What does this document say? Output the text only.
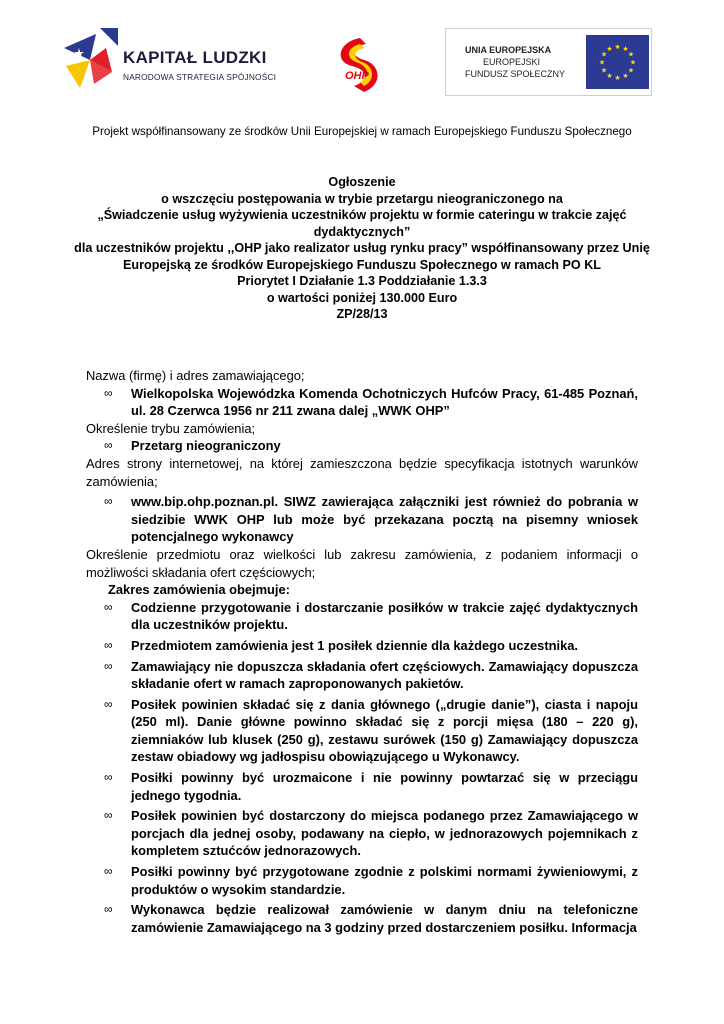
KAPITAŁ LUDZKI
NARODOWA STRATEGIA SPÓJNOŚCI	OHP
UNIA EUROPEJSKA
EUROPEJSKI
FUNDUSZ SPOŁECZNY
★ ★
★
★
★
★
★
★
★
★
★
★
Projekt współfinansowany ze środków Unii Europejskiej w ramach Europejskiego Funduszu Społecznego
Ogłoszenie
o wszczęciu postępowania w trybie przetargu nieograniczonego na
„Świadczenie usług wyżywienia uczestników projektu w formie cateringu w trakcie zajęć dydaktycznych”
dla uczestników projektu ,,OHP jako realizator usług rynku pracy” współfinansowany przez Unię Europejską ze środków Europejskiego Funduszu Społecznego w ramach PO KL
Priorytet I Działanie 1.3 Poddziałanie 1.3.3
o wartości poniżej 130.000 Euro
ZP/28/13

Nazwa (firmę) i adres zamawiającego;

∞ Wielkopolska Wojewódzka Komenda Ochotniczych Hufców Pracy, 61-485 Poznań, ul. 28 Czerwca 1956 nr 211 zwana dalej „WWK OHP”

Określenie trybu zamówienia;

∞ Przetarg nieograniczony

Adres strony internetowej, na której zamieszczona będzie specyfikacja istotnych warunków zamówienia;

∞ www.bip.ohp.poznan.pl. SIWZ zawierająca załączniki jest również do pobrania w siedzibie WWK OHP lub może być przekazana pocztą na pisemny wniosek potencjalnego wykonawcy

Określenie przedmiotu oraz wielkości lub zakresu zamówienia, z podaniem informacji o możliwości składania ofert częściowych;

Zakres zamówienia obejmuje:

∞ Codzienne przygotowanie i dostarczanie posiłków w trakcie zajęć dydaktycznych dla uczestników projektu.

∞ Przedmiotem zamówienia jest 1 posiłek dziennie dla każdego uczestnika.

∞ Zamawiający nie dopuszcza składania ofert częściowych. Zamawiający dopuszcza składanie ofert w ramach zaproponowanych pakietów.

∞ Posiłek powinien składać się z dania głównego („drugie danie”), ciasta i napoju (250 ml). Danie główne powinno składać się z porcji mięsa (180 – 220 g), ziemniaków lub klusek (250 g), zestawu surówek (150 g) Zamawiający dopuszcza zestaw obiadowy wg jadłospisu obowiązującego u Wykonawcy.

∞ Posiłki powinny być urozmaicone i nie powinny powtarzać się w przeciągu jednego tygodnia.

∞ Posiłek powinien być dostarczony do miejsca podanego przez Zamawiającego w porcjach dla jednej osoby, podawany na ciepło, w jednorazowych pojemnikach z kompletem sztućców jednorazowych.

∞ Posiłki powinny być przygotowane zgodnie z polskimi normami żywieniowymi, z produktów o wysokim standardzie.

∞ Wykonawca będzie realizował zamówienie w danym dniu na telefoniczne zamówienie Zamawiającego na 3 godziny przed dostarczeniem posiłku. Informacja
